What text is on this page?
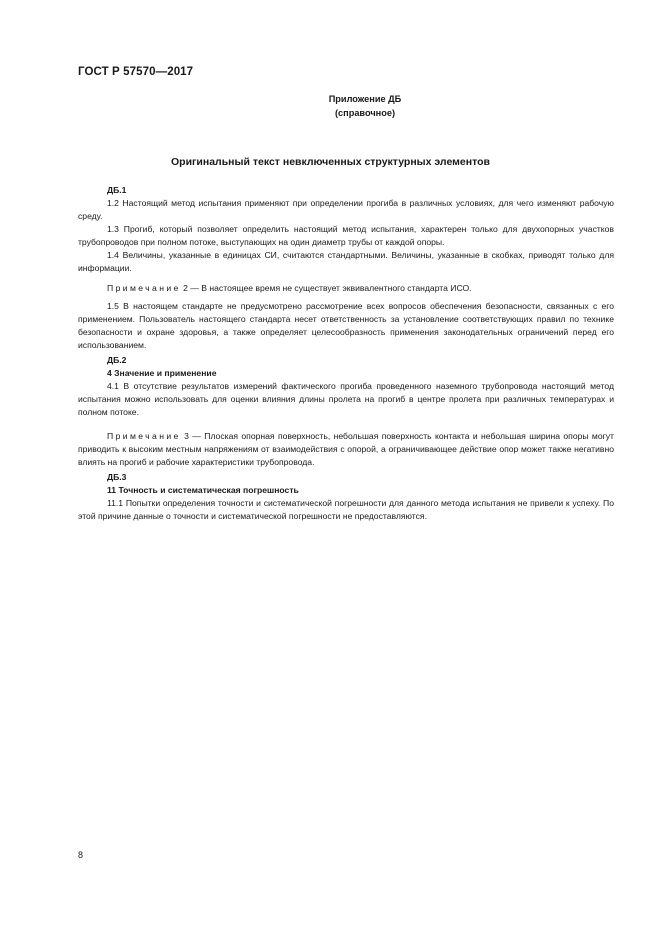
ГОСТ Р 57570—2017
Приложение ДБ
(справочное)
Оригинальный текст невключенных структурных элементов

ДБ.1

1.2 Настоящий метод испытания применяют при определении прогиба в различных условиях, для чего изменяют рабочую среду.

1.3 Прогиб, который позволяет определить настоящий метод испытания, характерен только для двухопорных участков трубопроводов при полном потоке, выступающих на один диаметр трубы от каждой опоры.

1.4 Величины, указанные в единицах СИ, считаются стандартными. Величины, указанные в скобках, приводят только для информации.

Примечание 2 — В настоящее время не существует эквивалентного стандарта ИСО.

1.5 В настоящем стандарте не предусмотрено рассмотрение всех вопросов обеспечения безопасности, связанных с его применением. Пользователь настоящего стандарта несет ответственность за установление соответствующих правил по технике безопасности и охране здоровья, а также определяет целесообразность применения законодательных ограничений перед его использованием.

ДБ.2

4 Значение и применение

4.1 В отсутствие результатов измерений фактического прогиба проведенного наземного трубопровода настоящий метод испытания можно использовать для оценки влияния длины пролета на прогиб в центре пролета при различных температурах и полном потоке.

Примечание 3 — Плоская опорная поверхность, небольшая поверхность контакта и небольшая ширина опоры могут приводить к высоким местным напряжениям от взаимодействия с опорой, а ограничивающее действие опор может также негативно влиять на прогиб и рабочие характеристики трубопровода.

ДБ.3

11 Точность и систематическая погрешность

11.1 Попытки определения точности и систематической погрешности для данного метода испытания не привели к успеху. По этой причине данные о точности и систематической погрешности не предоставляются.

8
